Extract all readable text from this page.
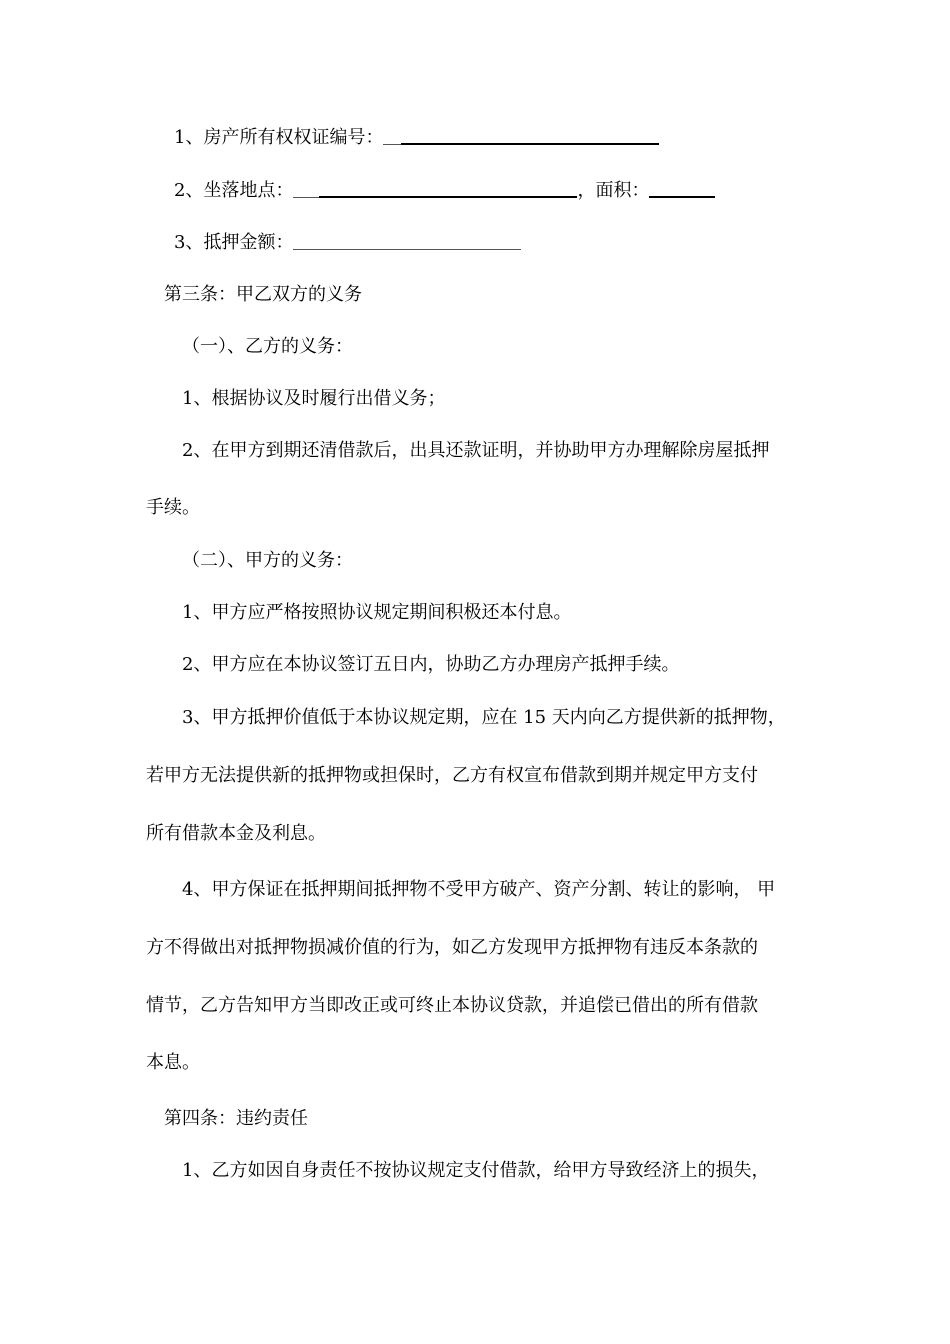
1、房产所有权权证编号：
2、坐落地点：	，面积：
3、抵押金额：
第三条：甲乙双方的义务
（一）、乙方的义务：
1、根据协议及时履行出借义务；
2、在甲方到期还清借款后，出具还款证明，并协助甲方办理解除房屋抵押
手续。
（二）、甲方的义务：
1、甲方应严格按照协议规定期间积极还本付息。
2、甲方应在本协议签订五日内，协助乙方办理房产抵押手续。
3、甲方抵押价值低于本协议规定期，应在 15 天内向乙方提供新的抵押物，
若甲方无法提供新的抵押物或担保时，乙方有权宣布借款到期并规定甲方支付
所有借款本金及利息。
4、甲方保证在抵押期间抵押物不受甲方破产、资产分割、转让的影响， 甲
方不得做出对抵押物损减价值的行为，如乙方发现甲方抵押物有违反本条款的
情节，乙方告知甲方当即改正或可终止本协议贷款，并追偿已借出的所有借款
本息。
第四条：违约责任
1、乙方如因自身责任不按协议规定支付借款，给甲方导致经济上的损失，
